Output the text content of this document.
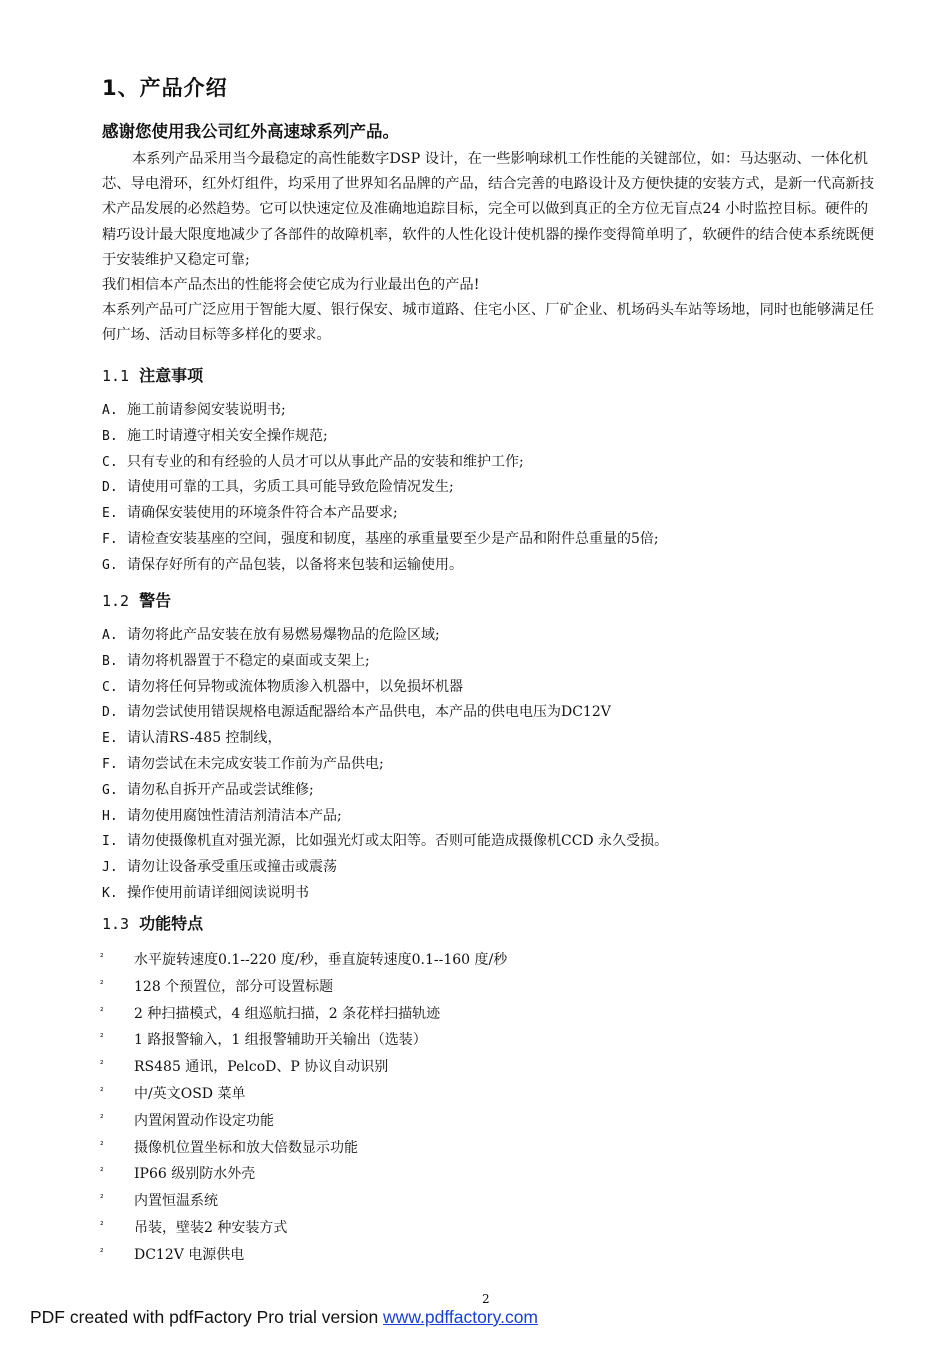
1、产品介绍
感谢您使用我公司红外高速球系列产品。

本系列产品采用当今最稳定的高性能数字DSP 设计，在一些影响球机工作性能的关键部位，如：马达驱动、一体化机芯、导电滑环，红外灯组件，均采用了世界知名品牌的产品，结合完善的电路设计及方便快捷的安装方式，是新一代高新技术产品发展的必然趋势。它可以快速定位及准确地追踪目标，完全可以做到真正的全方位无盲点24 小时监控目标。硬件的精巧设计最大限度地减少了各部件的故障机率，软件的人性化设计使机器的操作变得简单明了，软硬件的结合使本系统既便于安装维护又稳定可靠;

我们相信本产品杰出的性能将会使它成为行业最出色的产品!

本系列产品可广泛应用于智能大厦、银行保安、城市道路、住宅小区、厂矿企业、机场码头车站等场地，同时也能够满足任何广场、活动目标等多样化的要求。

1.1 注意事项
A. 施工前请参阅安装说明书;
B. 施工时请遵守相关安全操作规范;
C. 只有专业的和有经验的人员才可以从事此产品的安装和维护工作;
D. 请使用可靠的工具，劣质工具可能导致危险情况发生;
E. 请确保安装使用的环境条件符合本产品要求;
F. 请检查安装基座的空间，强度和韧度，基座的承重量要至少是产品和附件总重量的5倍;
G. 请保存好所有的产品包装，以备将来包装和运输使用。
1.2 警告
A. 请勿将此产品安装在放有易燃易爆物品的危险区域;
B. 请勿将机器置于不稳定的桌面或支架上;
C. 请勿将任何异物或流体物质渗入机器中，以免损坏机器
D. 请勿尝试使用错误规格电源适配器给本产品供电，本产品的供电电压为DC12V
E. 请认清RS-485 控制线，
F. 请勿尝试在未完成安装工作前为产品供电;
G. 请勿私自拆开产品或尝试维修;
H. 请勿使用腐蚀性清洁剂清洁本产品;
I. 请勿使摄像机直对强光源，比如强光灯或太阳等。否则可能造成摄像机CCD 永久受损。
J. 请勿让设备承受重压或撞击或震荡
K. 操作使用前请详细阅读说明书
1.3 功能特点
² 水平旋转速度0.1--220 度/秒，垂直旋转速度0.1--160 度/秒
² 128 个预置位，部分可设置标题
² 2 种扫描模式，4 组巡航扫描，2 条花样扫描轨迹
² 1 路报警输入，1 组报警辅助开关输出（选装）
² RS485 通讯，PelcoD、P 协议自动识别
² 中/英文OSD 菜单
² 内置闲置动作设定功能
² 摄像机位置坐标和放大倍数显示功能
² IP66 级别防水外壳
² 内置恒温系统
² 吊装，壁装2 种安装方式
² DC12V 电源供电
2
PDF created with pdfFactory Pro trial version www.pdffactory.com
